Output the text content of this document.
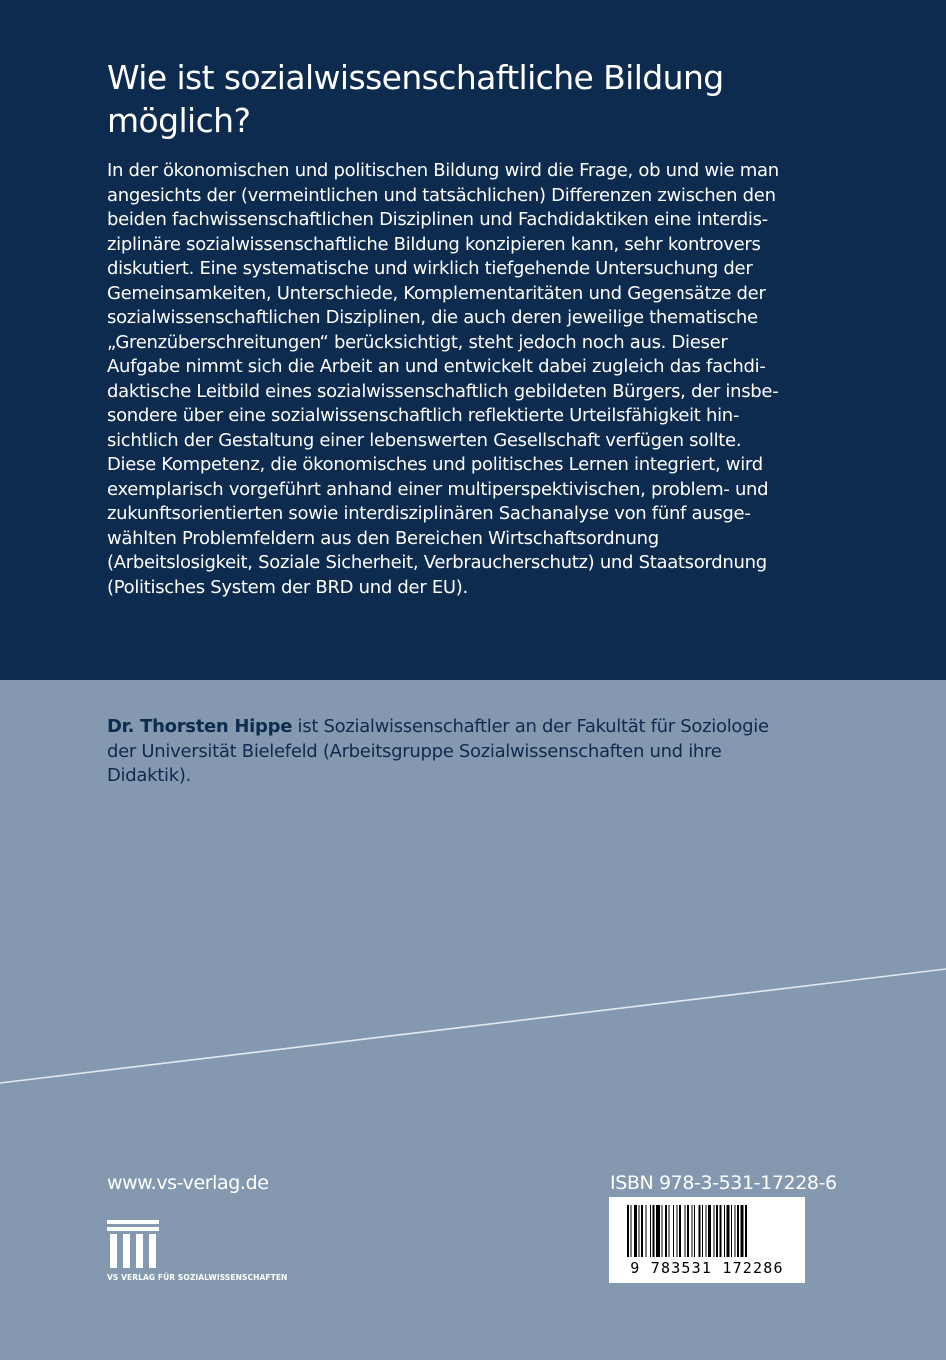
Wie ist sozialwissenschaftliche Bildung
möglich?
In der ökonomischen und politischen Bildung wird die Frage, ob und wie man
angesichts der (vermeintlichen und tatsächlichen) Differenzen zwischen den
beiden fachwissenschaftlichen Disziplinen und Fachdidaktiken eine interdis-
ziplinäre sozialwissenschaftliche Bildung konzipieren kann, sehr kontrovers
diskutiert. Eine systematische und wirklich tiefgehende Untersuchung der
Gemeinsamkeiten, Unterschiede, Komplementaritäten und Gegensätze der
sozialwissenschaftlichen Disziplinen, die auch deren jeweilige thematische
„Grenzüberschreitungen“ berücksichtigt, steht jedoch noch aus. Dieser
Aufgabe nimmt sich die Arbeit an und entwickelt dabei zugleich das fachdi-
daktische Leitbild eines sozialwissenschaftlich gebildeten Bürgers, der insbe-
sondere über eine sozialwissenschaftlich reflektierte Urteilsfähigkeit hin-
sichtlich der Gestaltung einer lebenswerten Gesellschaft verfügen sollte.
Diese Kompetenz, die ökonomisches und politisches Lernen integriert, wird
exemplarisch vorgeführt anhand einer multiperspektivischen, problem- und
zukunftsorientierten sowie interdisziplinären Sachanalyse von fünf ausge-
wählten Problemfeldern aus den Bereichen Wirtschaftsordnung
(Arbeitslosigkeit, Soziale Sicherheit, Verbraucherschutz) und Staatsordnung
(Politisches System der BRD und der EU).
Dr. Thorsten Hippe ist Sozialwissenschaftler an der Fakultät für Soziologie
der Universität Bielefeld (Arbeitsgruppe Sozialwissenschaften und ihre
Didaktik).
www.vs-verlag.de	ISBN 978-3-531-17228-6
VS VERLAG FÜR SOZIALWISSENSCHAFTEN
9 783531 172286
